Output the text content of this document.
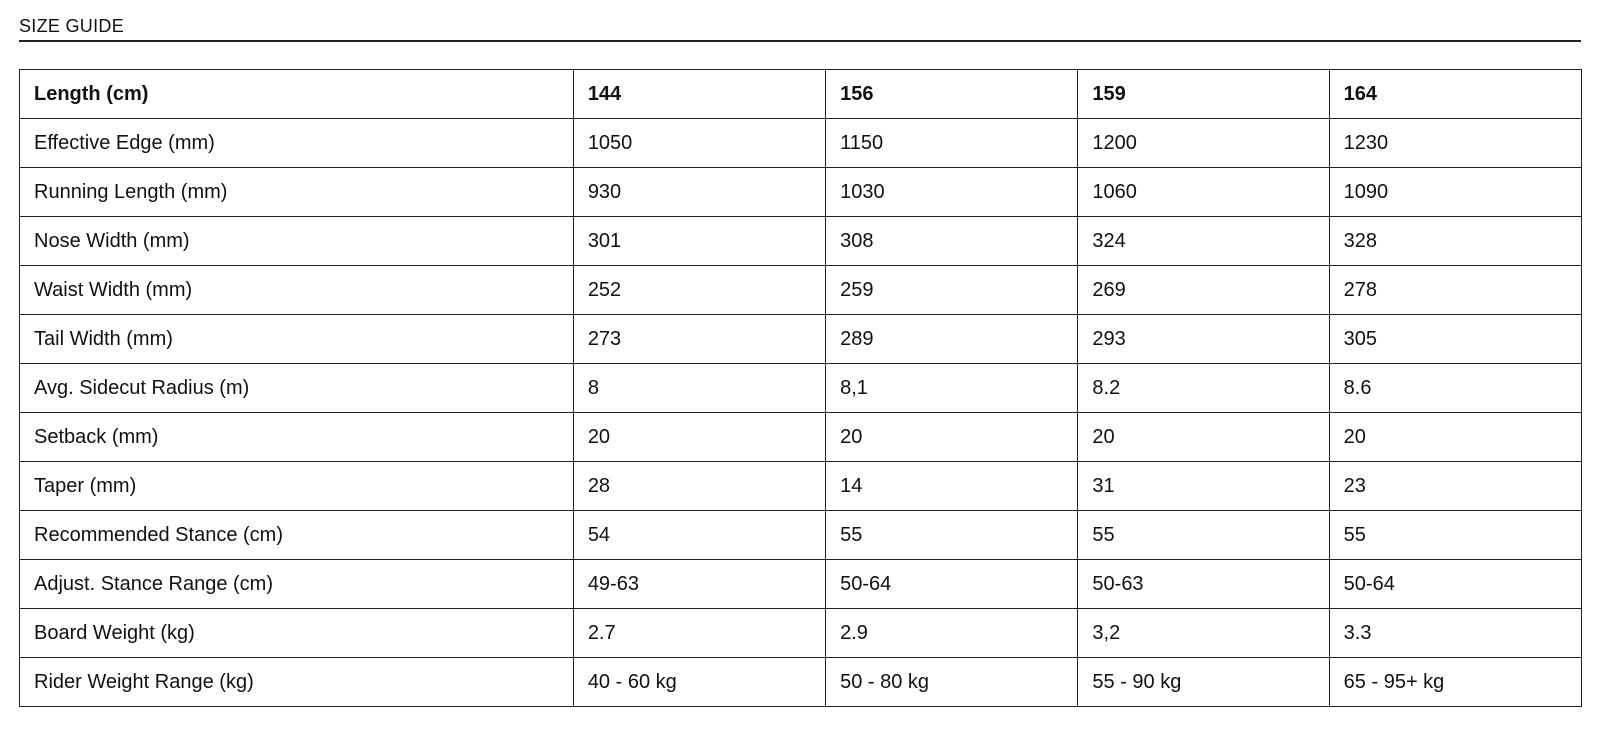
SIZE GUIDE
Length (cm)	144	156	159	164
Effective Edge (mm)	1050	1150	1200	1230
Running Length (mm)	930	1030	1060	1090
Nose Width (mm)	301	308	324	328
Waist Width (mm)	252	259	269	278
Tail Width (mm)	273	289	293	305
Avg. Sidecut Radius (m)	8	8,1	8.2	8.6
Setback (mm)	20	20	20	20
Taper (mm)	28	14	31	23
Recommended Stance (cm)	54	55	55	55
Adjust. Stance Range (cm)	49-63	50-64	50-63	50-64
Board Weight (kg)	2.7	2.9	3,2	3.3
Rider Weight Range (kg)	40 - 60 kg	50 - 80 kg	55 - 90 kg	65 - 95+ kg
